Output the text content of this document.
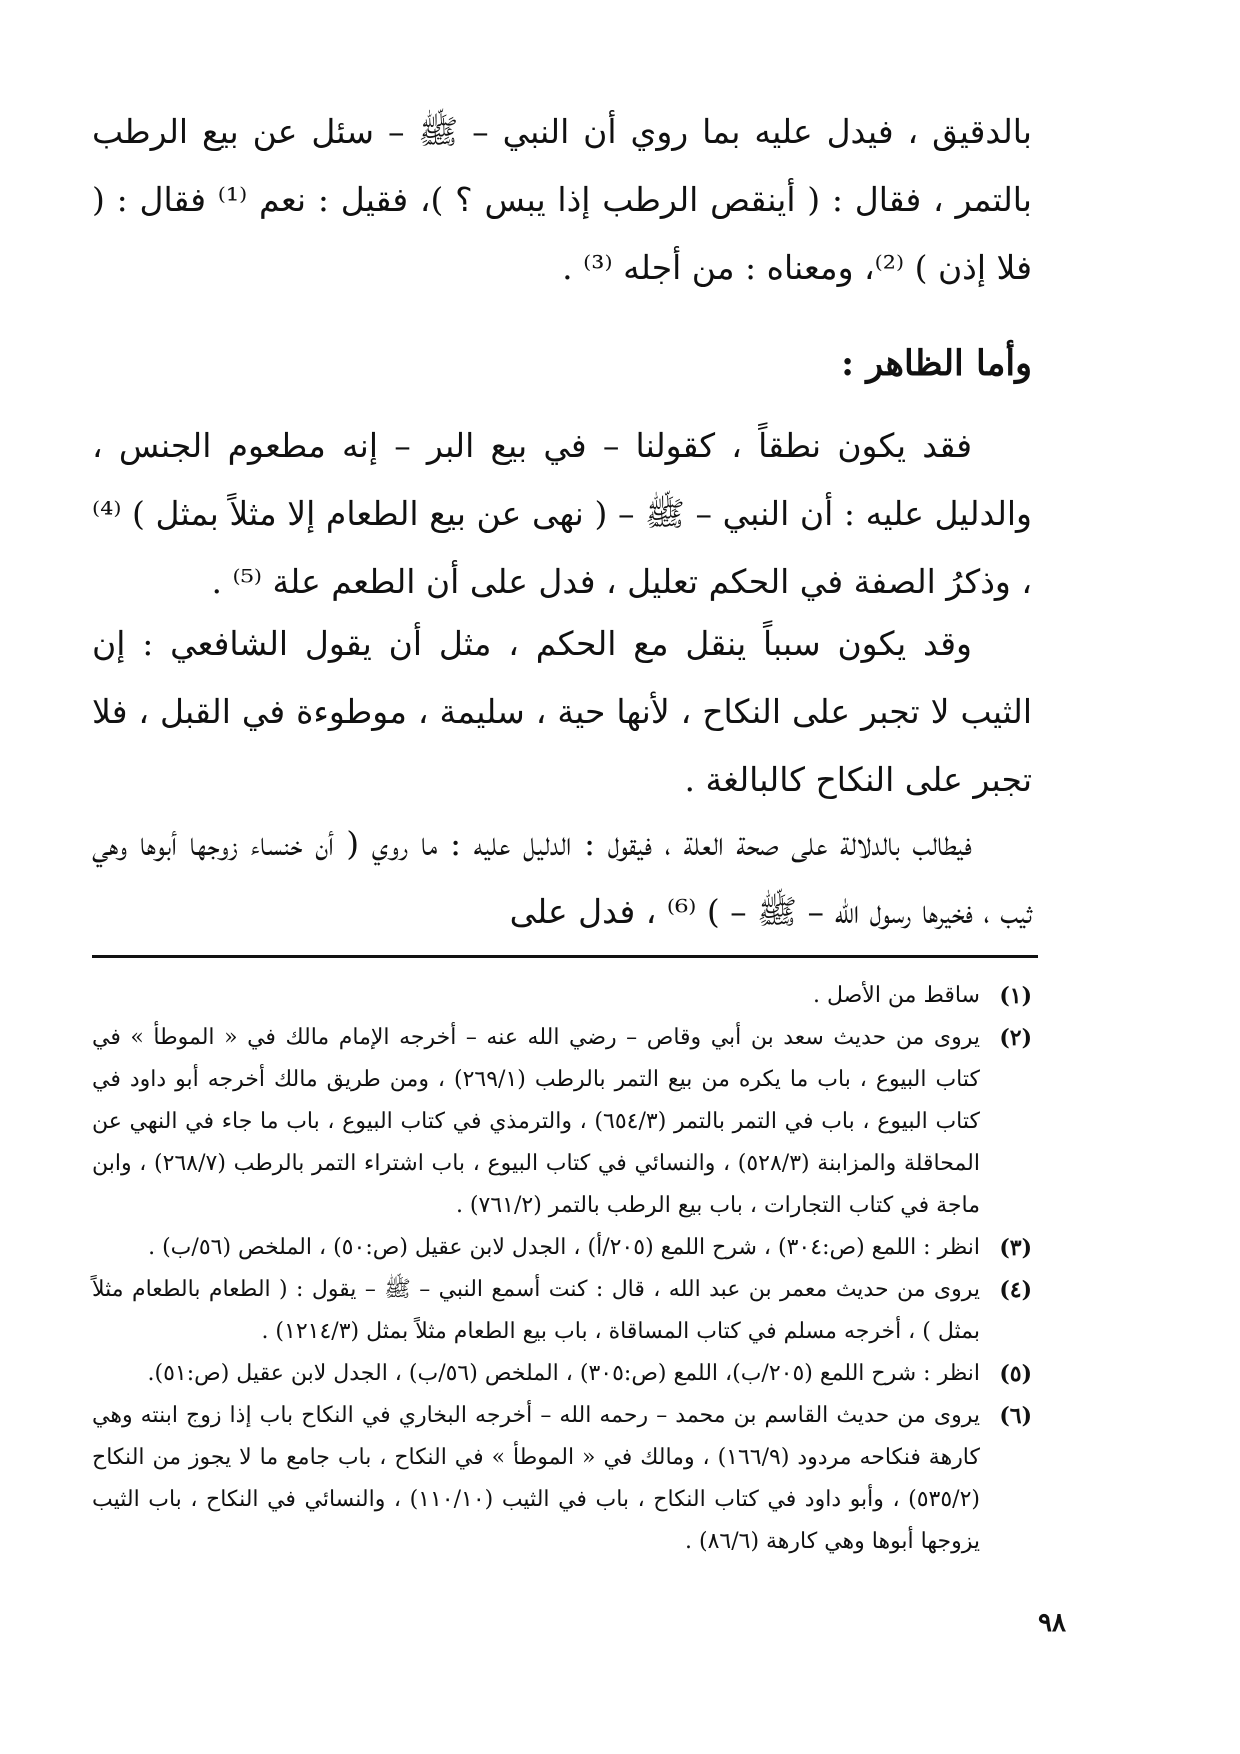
بالدقيق ، فيدل عليه بما روي أن النبي – ﷺ – سئل عن بيع الرطب بالتمر ، فقال : ( أينقص الرطب إذا يبس ؟ )، فقيل : نعم ⁽¹⁾ فقال : ( فلا إذن ) ⁽²⁾، ومعناه : من أجله ⁽³⁾ .

وأما الظاهر :

فقد يكون نطقاً ، كقولنا – في بيع البر – إنه مطعوم الجنس ، والدليل عليه : أن النبي – ﷺ – ( نهى عن بيع الطعام إلا مثلاً بمثل ) ⁽⁴⁾ ، وذكرُ الصفة في الحكم تعليل ، فدل على أن الطعم علة ⁽⁵⁾ .

وقد يكون سبباً ينقل مع الحكم ، مثل أن يقول الشافعي : إن الثيب لا تجبر على النكاح ، لأنها حية ، سليمة ، موطوءة في القبل ، فلا تجبر على النكاح كالبالغة .

فيطالب بالدلالة على صحة العلة ، فيقول : الدليل عليه : ما روي ( أن خنساء زوجها أبوها وهي ثيب ، فخيرها رسول الله – ﷺ – ) ⁽⁶⁾ ، فدل على

(١)
ساقط من الأصل .
(٢)
يروى من حديث سعد بن أبي وقاص – رضي الله عنه – أخرجه الإمام مالك في « الموطأ » في كتاب البيوع ، باب ما يكره من بيع التمر بالرطب (٢٦٩/١) ، ومن طريق مالك أخرجه أبو داود في كتاب البيوع ، باب في التمر بالتمر (٦٥٤/٣) ، والترمذي في كتاب البيوع ، باب ما جاء في النهي عن المحاقلة والمزابنة (٥٢٨/٣) ، والنسائي في كتاب البيوع ، باب اشتراء التمر بالرطب (٢٦٨/٧) ، وابن ماجة في كتاب التجارات ، باب بيع الرطب بالتمر (٧٦١/٢) .
(٣)
انظر : اللمع (ص:٣٠٤) ، شرح اللمع (٢٠٥/أ) ، الجدل لابن عقيل (ص:٥٠) ، الملخص (٥٦/ب) .
(٤)
يروى من حديث معمر بن عبد الله ، قال : كنت أسمع النبي – ﷺ – يقول : ( الطعام بالطعام مثلاً بمثل ) ، أخرجه مسلم في كتاب المساقاة ، باب بيع الطعام مثلاً بمثل (١٢١٤/٣) .
(٥)
انظر : شرح اللمع (٢٠٥/ب)، اللمع (ص:٣٠٥) ، الملخص (٥٦/ب) ، الجدل لابن عقيل (ص:٥١).
(٦)
يروى من حديث القاسم بن محمد – رحمه الله – أخرجه البخاري في النكاح باب إذا زوج ابنته وهي كارهة فنكاحه مردود (١٦٦/٩) ، ومالك في « الموطأ » في النكاح ، باب جامع ما لا يجوز من النكاح (٥٣٥/٢) ، وأبو داود في كتاب النكاح ، باب في الثيب (١١٠/١٠) ، والنسائي في النكاح ، باب الثيب يزوجها أبوها وهي كارهة (٨٦/٦) .
٩٨
